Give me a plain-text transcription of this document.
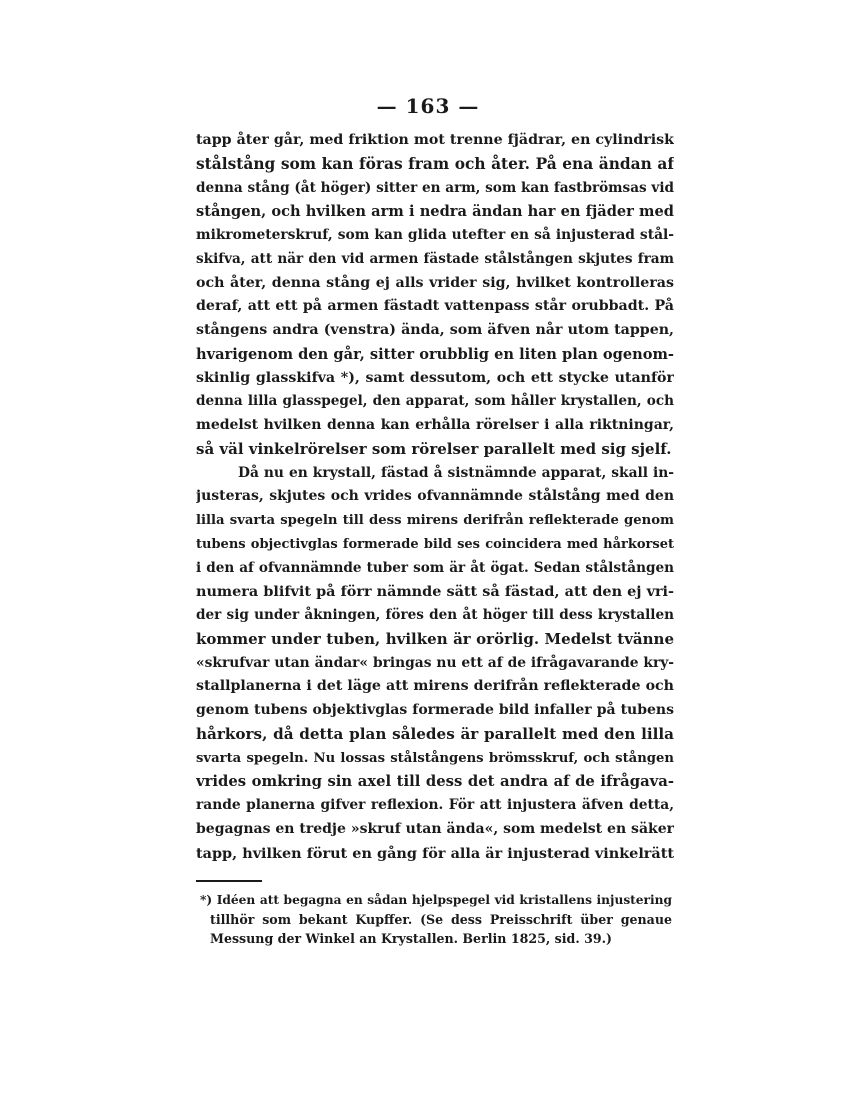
— 163 —
tapp åter går, med friktion mot trenne fjädrar, en cylindrisk
stålstång som kan föras fram och åter. På ena ändan af
denna stång (åt höger) sitter en arm, som kan fastbrömsas vid
stången, och hvilken arm i nedra ändan har en fjäder med
mikrometerskruf, som kan glida utefter en så injusterad stål-
skifva, att när den vid armen fästade stålstången skjutes fram
och åter, denna stång ej alls vrider sig, hvilket kontrolleras
deraf, att ett på armen fästadt vattenpass står orubbadt. På
stångens andra (venstra) ända, som äfven når utom tappen,
hvarigenom den går, sitter orubblig en liten plan ogenom-
skinlig glasskifva *), samt dessutom, och ett stycke utanför
denna lilla glasspegel, den apparat, som håller krystallen, och
medelst hvilken denna kan erhålla rörelser i alla riktningar,
så väl vinkelrörelser som rörelser parallelt med sig sjelf.
Då nu en krystall, fästad å sistnämnde apparat, skall in-
justeras, skjutes och vrides ofvannämnde stålstång med den
lilla svarta spegeln till dess mirens derifrån reflekterade genom
tubens objectivglas formerade bild ses coincidera med hårkorset
i den af ofvannämnde tuber som är åt ögat. Sedan stålstången
numera blifvit på förr nämnde sätt så fästad, att den ej vri-
der sig under åkningen, föres den åt höger till dess krystallen
kommer under tuben, hvilken är orörlig. Medelst tvänne
«skrufvar utan ändar« bringas nu ett af de ifrågavarande kry-
stallplanerna i det läge att mirens derifrån reflekterade och
genom tubens objektivglas formerade bild infaller på tubens
hårkors, då detta plan således är parallelt med den lilla
svarta spegeln. Nu lossas stålstångens brömsskruf, och stången
vrides omkring sin axel till dess det andra af de ifrågava-
rande planerna gifver reflexion. För att injustera äfven detta,
begagnas en tredje »skruf utan ända«, som medelst en säker
tapp, hvilken förut en gång för alla är injusterad vinkelrätt
*) Idéen att begagna en sådan hjelpspegel vid kristallens injustering
tillhör som bekant Kupffer. (Se dess Preisschrift über genaue
Messung der Winkel an Krystallen. Berlin 1825, sid. 39.)
